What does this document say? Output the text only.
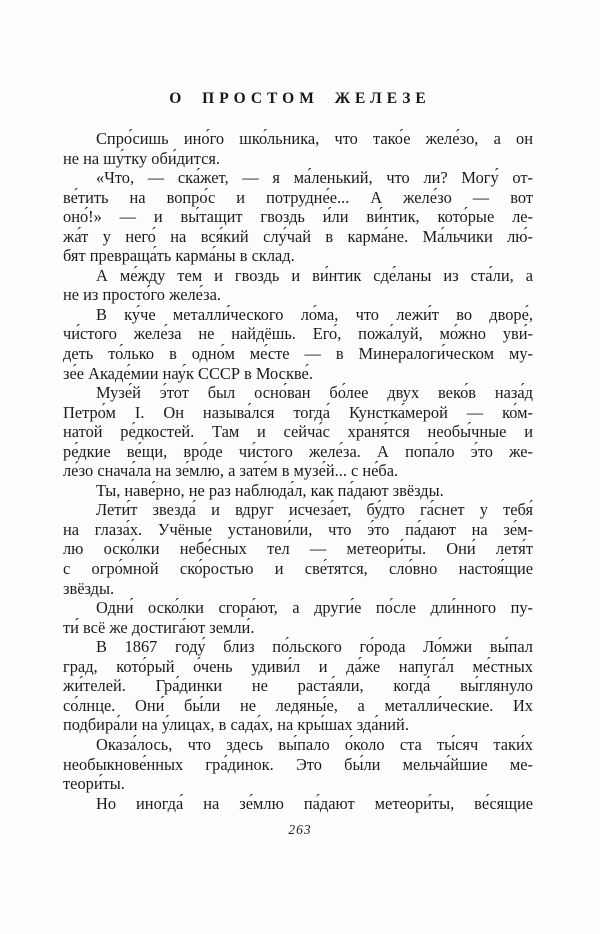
О ПРОСТОМ ЖЕЛЕЗЕ
Спро́сишь ино́го шко́льника, что тако́е желе́зо, а он
не на шу́тку оби́дится.
«Что, — ска́жет, — я ма́ленький, что ли? Могу́ от-
ве́тить на вопро́с и потрудне́е... А желе́зо — вот
оно́!» — и вы́тащит гвоздь и́ли ви́нтик, кото́рые ле-
жа́т у него́ на вся́кий слу́чай в карма́не. Ма́льчики лю́-
бят превраща́ть карма́ны в склад.
А ме́жду тем и гвоздь и ви́нтик сде́ланы из ста́ли, а
не из просто́го желе́за.
В ку́че металли́ческого ло́ма, что лежи́т во дворе́,
чи́стого желе́за не найдёшь. Его́, пожа́луй, мо́жно уви́-
деть то́лько в одно́м ме́сте — в Минералоги́ческом му-
зе́е Акаде́мии нау́к СССР в Москве́.
Музе́й э́тот был осно́ван бо́лее двух веко́в наза́д
Петро́м I. Он называ́лся тогда́ Кунстка́мерой — ко́м-
натой ре́дкостей. Там и сейча́с храня́тся необы́чные и
ре́дкие ве́щи, вро́де чи́стого желе́за. А попа́ло э́то же-
ле́зо снача́ла на зе́млю, а зате́м в музе́й... с не́ба.
Ты, наве́рно, не раз наблюда́л, как па́дают звёзды.
Лети́т звезда́ и вдруг исчеза́ет, бу́дто га́снет у тебя́
на глаза́х. Учёные установи́ли, что э́то па́дают на зе́м-
лю оско́лки небе́сных тел — метеори́ты. Они́ летя́т
с огро́мной ско́ростью и све́тятся, сло́вно настоя́щие
звёзды.
Одни́ оско́лки сгора́ют, а други́е по́сле дли́нного пу-
ти́ всё же достига́ют земли́.
В 1867 году́ близ по́льского го́рода Ло́мжи вы́пал
град, кото́рый о́чень удиви́л и да́же напуга́л ме́стных
жи́телей. Гра́динки не раста́яли, когда́ вы́глянуло
со́лнце. Они́ бы́ли не ледяны́е, а металли́ческие. Их
подбира́ли на у́лицах, в сада́х, на кры́шах зда́ний.
Оказа́лось, что здесь вы́пало о́коло ста ты́сяч таки́х
необыкнове́нных гра́динок. Это бы́ли мельча́йшие ме-
теори́ты.
Но иногда́ на зе́млю па́дают метеори́ты, ве́сящие
263
